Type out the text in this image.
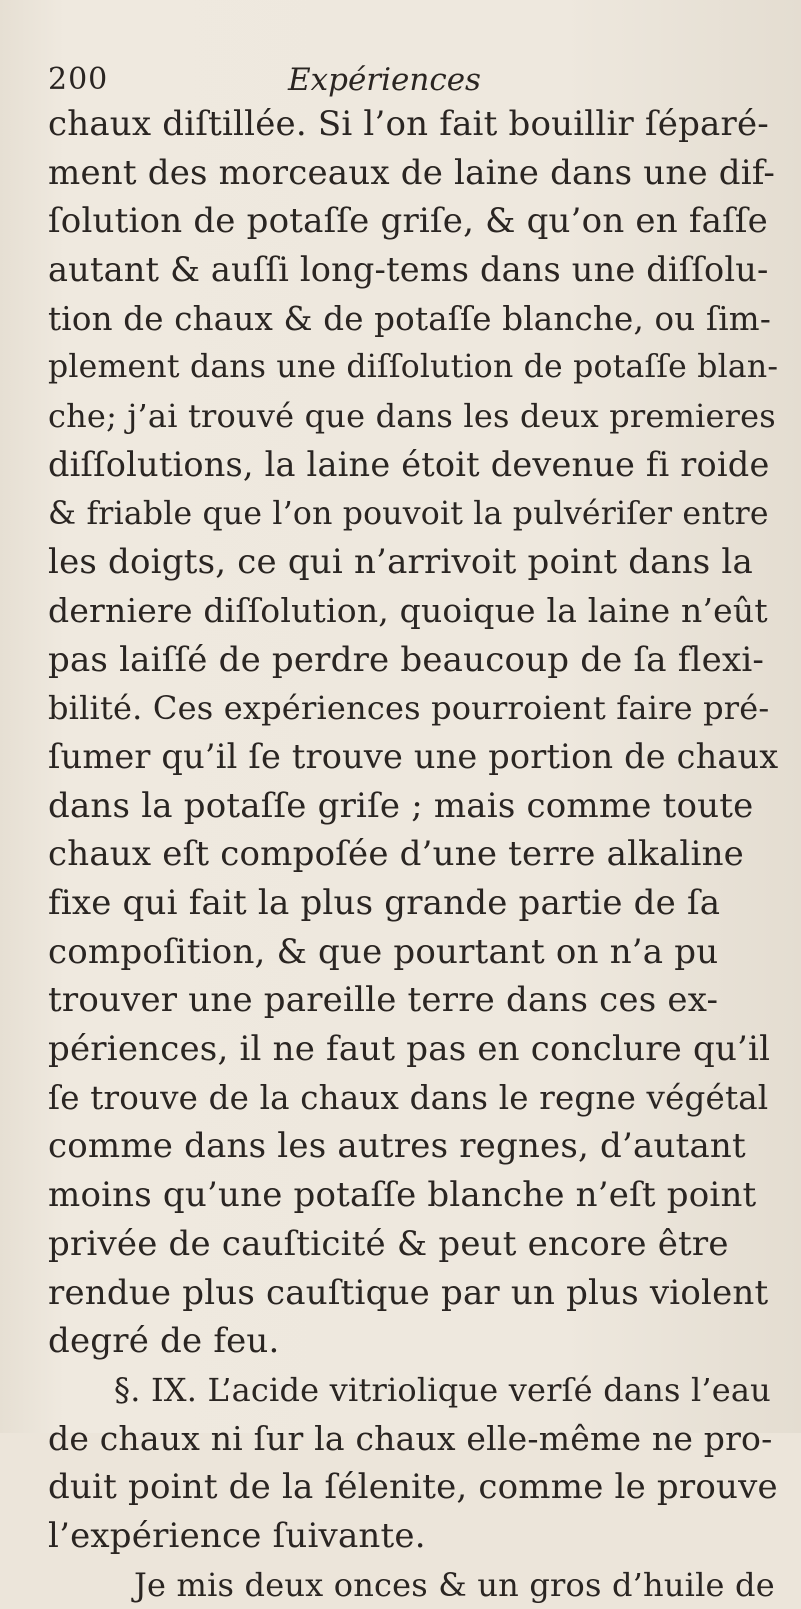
200	Expériences
chaux diſtillée. Si l’on fait bouillir ſéparé-
ment des morceaux de laine dans une dif-
ſolution de potaſſe griſe, & qu’on en faſſe
autant & auſſi long-tems dans une diſſolu-
tion de chaux & de potaſſe blanche, ou ſim-
plement dans une diſſolution de potaſſe blan-
che; j’ai trouvé que dans les deux premieres
diſſolutions, la laine étoit devenue fi roide
& friable que l’on pouvoit la pulvériſer entre
les doigts, ce qui n’arrivoit point dans la
derniere diſſolution, quoique la laine n’eût
pas laiſſé de perdre beaucoup de ſa flexi-
bilité. Ces expériences pourroient faire pré-
ſumer qu’il ſe trouve une portion de chaux
dans la potaſſe griſe ; mais comme toute
chaux eſt compoſée d’une terre alkaline
fixe qui fait la plus grande partie de ſa
compoſition, & que pourtant on n’a pu
trouver une pareille terre dans ces ex-
périences, il ne faut pas en conclure qu’il
ſe trouve de la chaux dans le regne végétal
comme dans les autres regnes, d’autant
moins qu’une potaſſe blanche n’eſt point
privée de cauſticité & peut encore être
rendue plus cauſtique par un plus violent
degré de feu.
§. IX. L’acide vitriolique verſé dans l’eau
de chaux ni ſur la chaux elle-même ne pro-
duit point de la ſélenite, comme le prouve
l’expérience ſuivante.
Je mis deux onces & un gros d’huile de
